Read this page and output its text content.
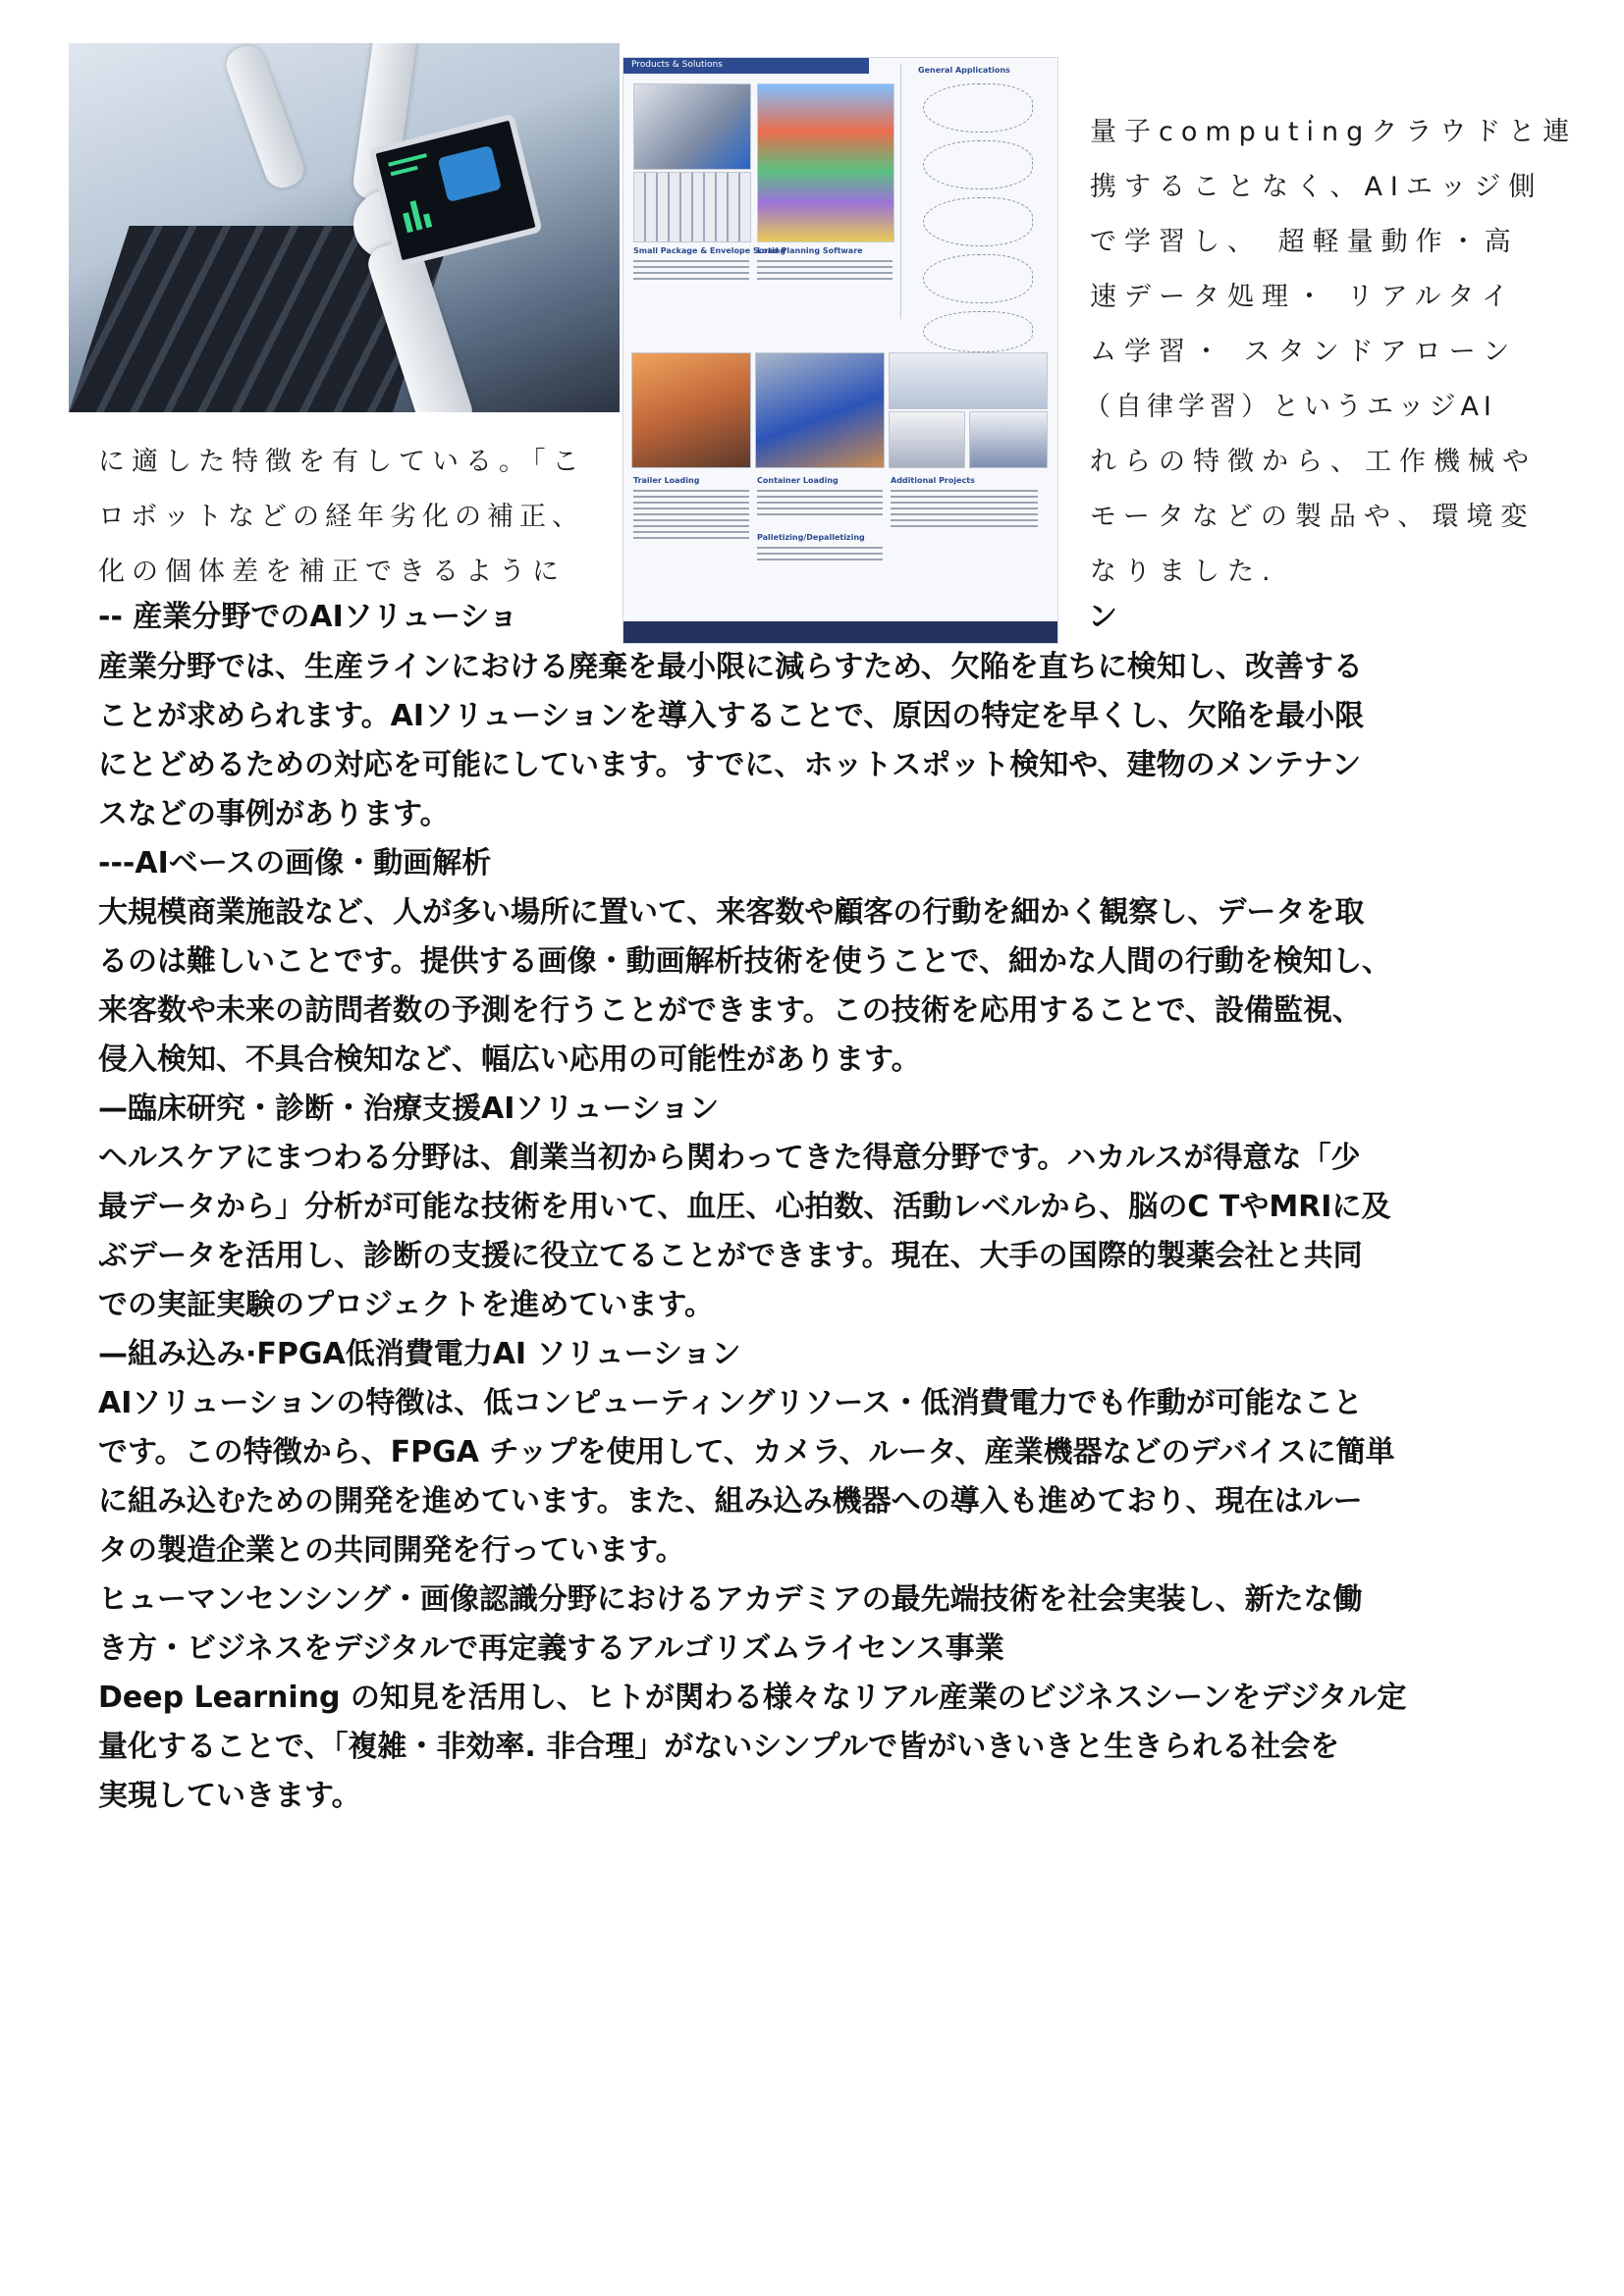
Products & Solutions
Small Package & Envelope Sorting
Load Planning Software
General Applications
Trailer Loading	Container Loading	Additional Projects
Palletizing/Depalletizing
量子computingクラウドと連
携することなく、AIエッジ側
で学習し、 超軽量動作・高
速データ処理・ リアルタイ
ム学習・ スタンドアローン
（自律学習）というエッジAI
れらの特徴から、工作機械や
モータなどの製品や、環境変
なりました.
に適した特徴を有している。「こ
ロボットなどの経年劣化の補正、
化の個体差を補正できるように
-- 産業分野でのAIソリューショ	ン
産業分野では、生産ラインにおける廃棄を最小限に減らすため、欠陥を直ちに検知し、改善する
ことが求められます。AIソリューションを導入することで、原因の特定を早くし、欠陥を最小限
にとどめるための対応を可能にしています。すでに、ホットスポット検知や、建物のメンテナン
スなどの事例があります。
---AIベースの画像・動画解析
大規模商業施設など、人が多い場所に置いて、来客数や顧客の行動を細かく観察し、データを取
るのは難しいことです。提供する画像・動画解析技術を使うことで、細かな人間の行動を検知し、
来客数や未来の訪問者数の予測を行うことができます。この技術を応用することで、設備監視、
侵入検知、不具合検知など、幅広い応用の可能性があります。
—臨床研究・診断・治療支援AIソリューション
ヘルスケアにまつわる分野は、創業当初から関わってきた得意分野です。ハカルスが得意な「少
最データから」分析が可能な技術を用いて、血圧、心拍数、活動レベルから、脳のC TやMRIに及
ぶデータを活用し、診断の支援に役立てることができます。現在、大手の国際的製薬会社と共同
での実証実験のプロジェクトを進めています。
—組み込み·FPGA低消費電力AI ソリューション
AIソリューションの特徴は、低コンピューティングリソース・低消費電力でも作動が可能なこと
です。この特徴から、FPGA チップを使用して、カメラ、ルータ、産業機器などのデバイスに簡単
に組み込むための開発を進めています。また、組み込み機器への導入も進めており、現在はルー
タの製造企業との共同開発を行っています。
ヒューマンセンシング・画像認識分野におけるアカデミアの最先端技術を社会実装し、新たな働
き方・ビジネスをデジタルで再定義するアルゴリズムライセンス事業
Deep Learning の知見を活用し、ヒトが関わる様々なリアル産業のビジネスシーンをデジタル定
量化することで、「複雑・非効率. 非合理」がないシンプルで皆がいきいきと生きられる社会を
実現していきます。
